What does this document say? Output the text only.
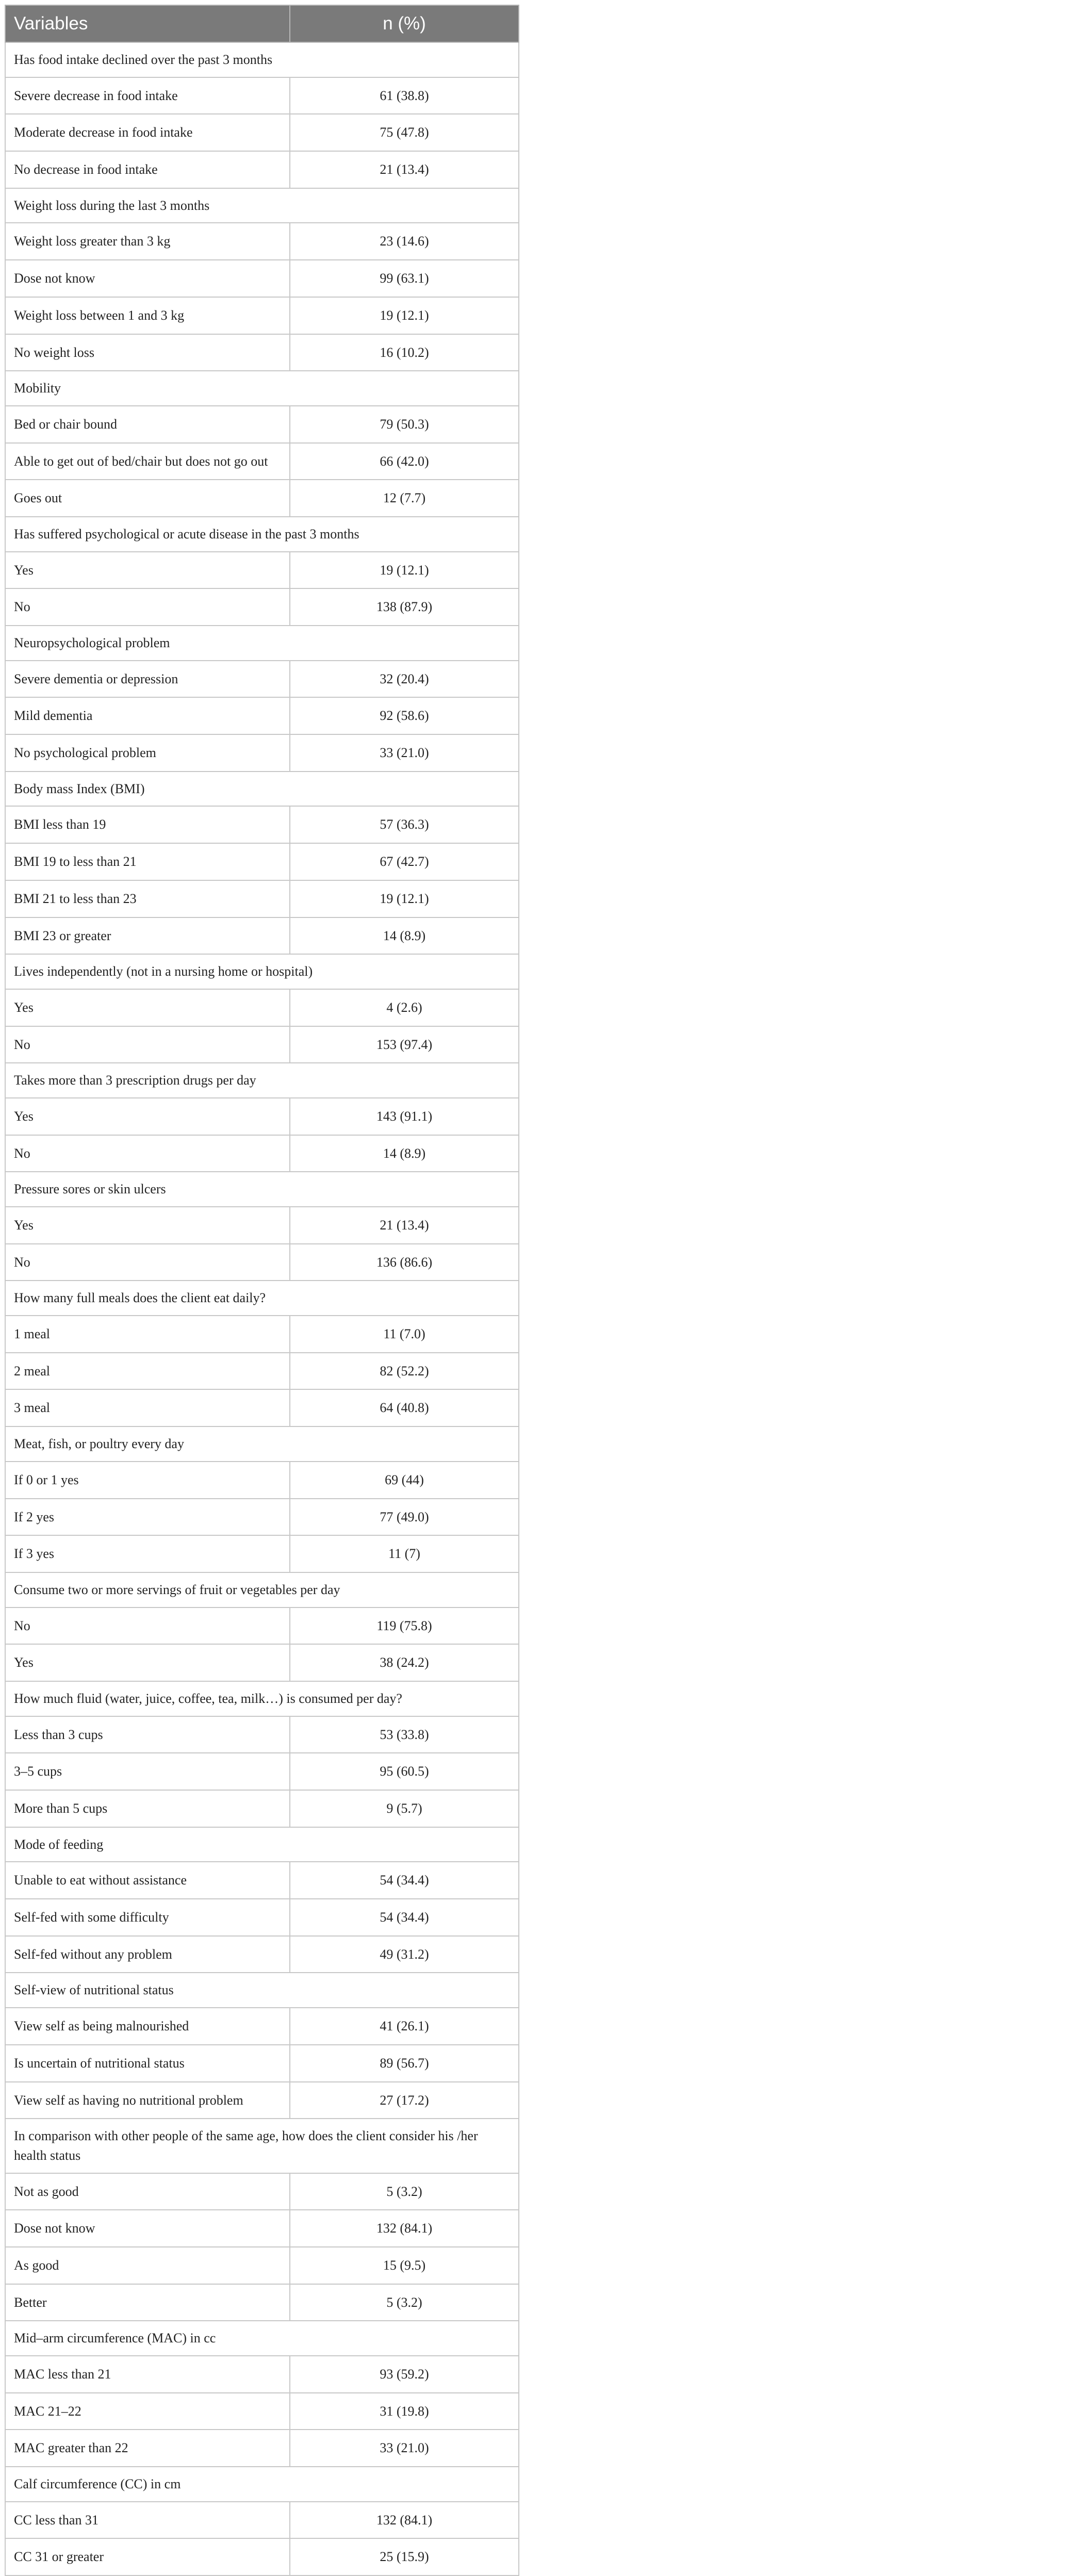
Variables	n (%)
Has food intake declined over the past 3 months	
Severe decrease in food intake	61 (38.8)
Moderate decrease in food intake	75 (47.8)
No decrease in food intake	21 (13.4)
Weight loss during the last 3 months	
Weight loss greater than 3 kg	23 (14.6)
Dose not know	99 (63.1)
Weight loss between 1 and 3 kg	19 (12.1)
No weight loss	16 (10.2)
Mobility	
Bed or chair bound	79 (50.3)
Able to get out of bed/chair but does not go out	66 (42.0)
Goes out	12 (7.7)
Has suffered psychological or acute disease in the past 3 months	
Yes	19 (12.1)
No	138 (87.9)
Neuropsychological problem	
Severe dementia or depression	32 (20.4)
Mild dementia	92 (58.6)
No psychological problem	33 (21.0)
Body mass Index (BMI)	
BMI less than 19	57 (36.3)
BMI 19 to less than 21	67 (42.7)
BMI 21 to less than 23	19 (12.1)
BMI 23 or greater	14 (8.9)
Lives independently (not in a nursing home or hospital)	
Yes	4 (2.6)
No	153 (97.4)
Takes more than 3 prescription drugs per day	
Yes	143 (91.1)
No	14 (8.9)
Pressure sores or skin ulcers	
Yes	21 (13.4)
No	136 (86.6)
How many full meals does the client eat daily?	
1 meal	11 (7.0)
2 meal	82 (52.2)
3 meal	64 (40.8)
Meat, fish, or poultry every day	
If 0 or 1 yes	69 (44)
If 2 yes	77 (49.0)
If 3 yes	11 (7)
Consume two or more servings of fruit or vegetables per day	
No	119 (75.8)
Yes	38 (24.2)
How much fluid (water, juice, coffee, tea, milk…) is consumed per day?	
Less than 3 cups	53 (33.8)
3–5 cups	95 (60.5)
More than 5 cups	9 (5.7)
Mode of feeding	
Unable to eat without assistance	54 (34.4)
Self-fed with some difficulty	54 (34.4)
Self-fed without any problem	49 (31.2)
Self-view of nutritional status	
View self as being malnourished	41 (26.1)
Is uncertain of nutritional status	89 (56.7)
View self as having no nutritional problem	27 (17.2)
In comparison with other people of the same age, how does the client consider his /her health status	
Not as good	5 (3.2)
Dose not know	132 (84.1)
As good	15 (9.5)
Better	5 (3.2)
Mid–arm circumference (MAC) in cc	
MAC less than 21	93 (59.2)
MAC 21–22	31 (19.8)
MAC greater than 22	33 (21.0)
Calf circumference (CC) in cm	
CC less than 31	132 (84.1)
CC 31 or greater	25 (15.9)
